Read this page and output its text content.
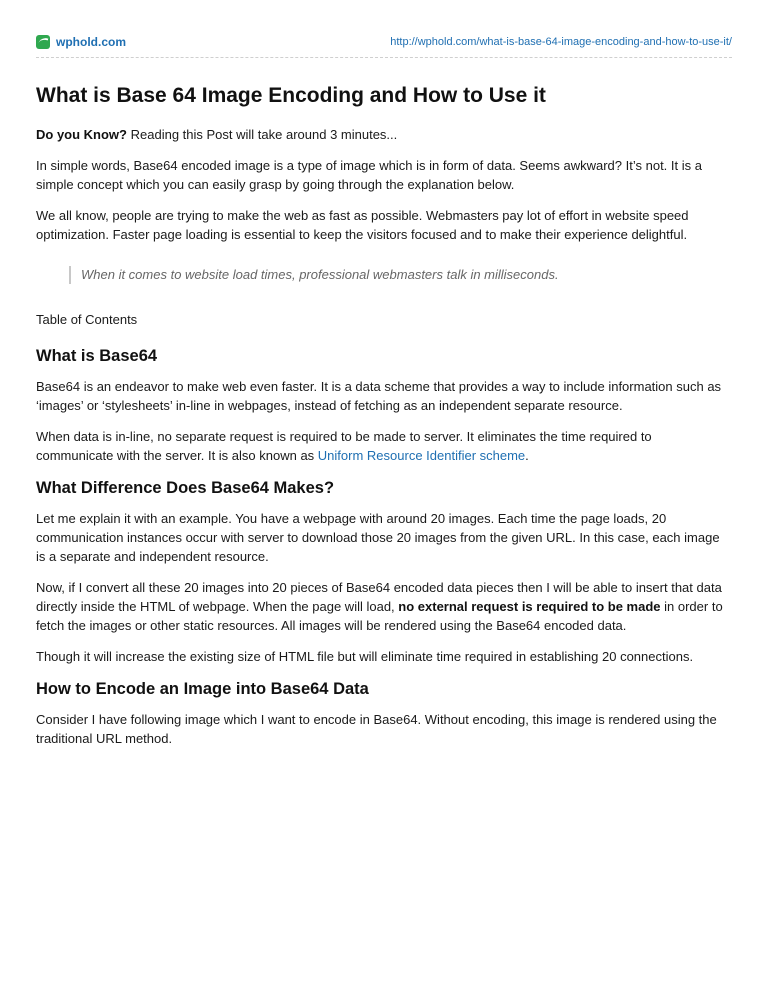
wphold.com	http://wphold.com/what-is-base-64-image-encoding-and-how-to-use-it/
What is Base 64 Image Encoding and How to Use it

Do you Know? Reading this Post will take around 3 minutes...

In simple words, Base64 encoded image is a type of image which is in form of data. Seems awkward? It’s not. It is a simple concept which you can easily grasp by going through the explanation below.

We all know, people are trying to make the web as fast as possible. Webmasters pay lot of effort in website speed optimization. Faster page loading is essential to keep the visitors focused and to make their experience delightful.

When it comes to website load times, professional webmasters talk in milliseconds.
Table of Contents
What is Base64

Base64 is an endeavor to make web even faster. It is a data scheme that provides a way to include information such as ‘images’ or ‘stylesheets’ in-line in webpages, instead of fetching as an independent separate resource.

When data is in-line, no separate request is required to be made to server. It eliminates the time required to communicate with the server. It is also known as Uniform Resource Identifier scheme.

What Difference Does Base64 Makes?

Let me explain it with an example. You have a webpage with around 20 images. Each time the page loads, 20 communication instances occur with server to download those 20 images from the given URL. In this case, each image is a separate and independent resource.

Now, if I convert all these 20 images into 20 pieces of Base64 encoded data pieces then I will be able to insert that data directly inside the HTML of webpage. When the page will load, no external request is required to be made in order to fetch the images or other static resources. All images will be rendered using the Base64 encoded data.

Though it will increase the existing size of HTML file but will eliminate time required in establishing 20 connections.

How to Encode an Image into Base64 Data

Consider I have following image which I want to encode in Base64. Without encoding, this image is rendered using the traditional URL method.
